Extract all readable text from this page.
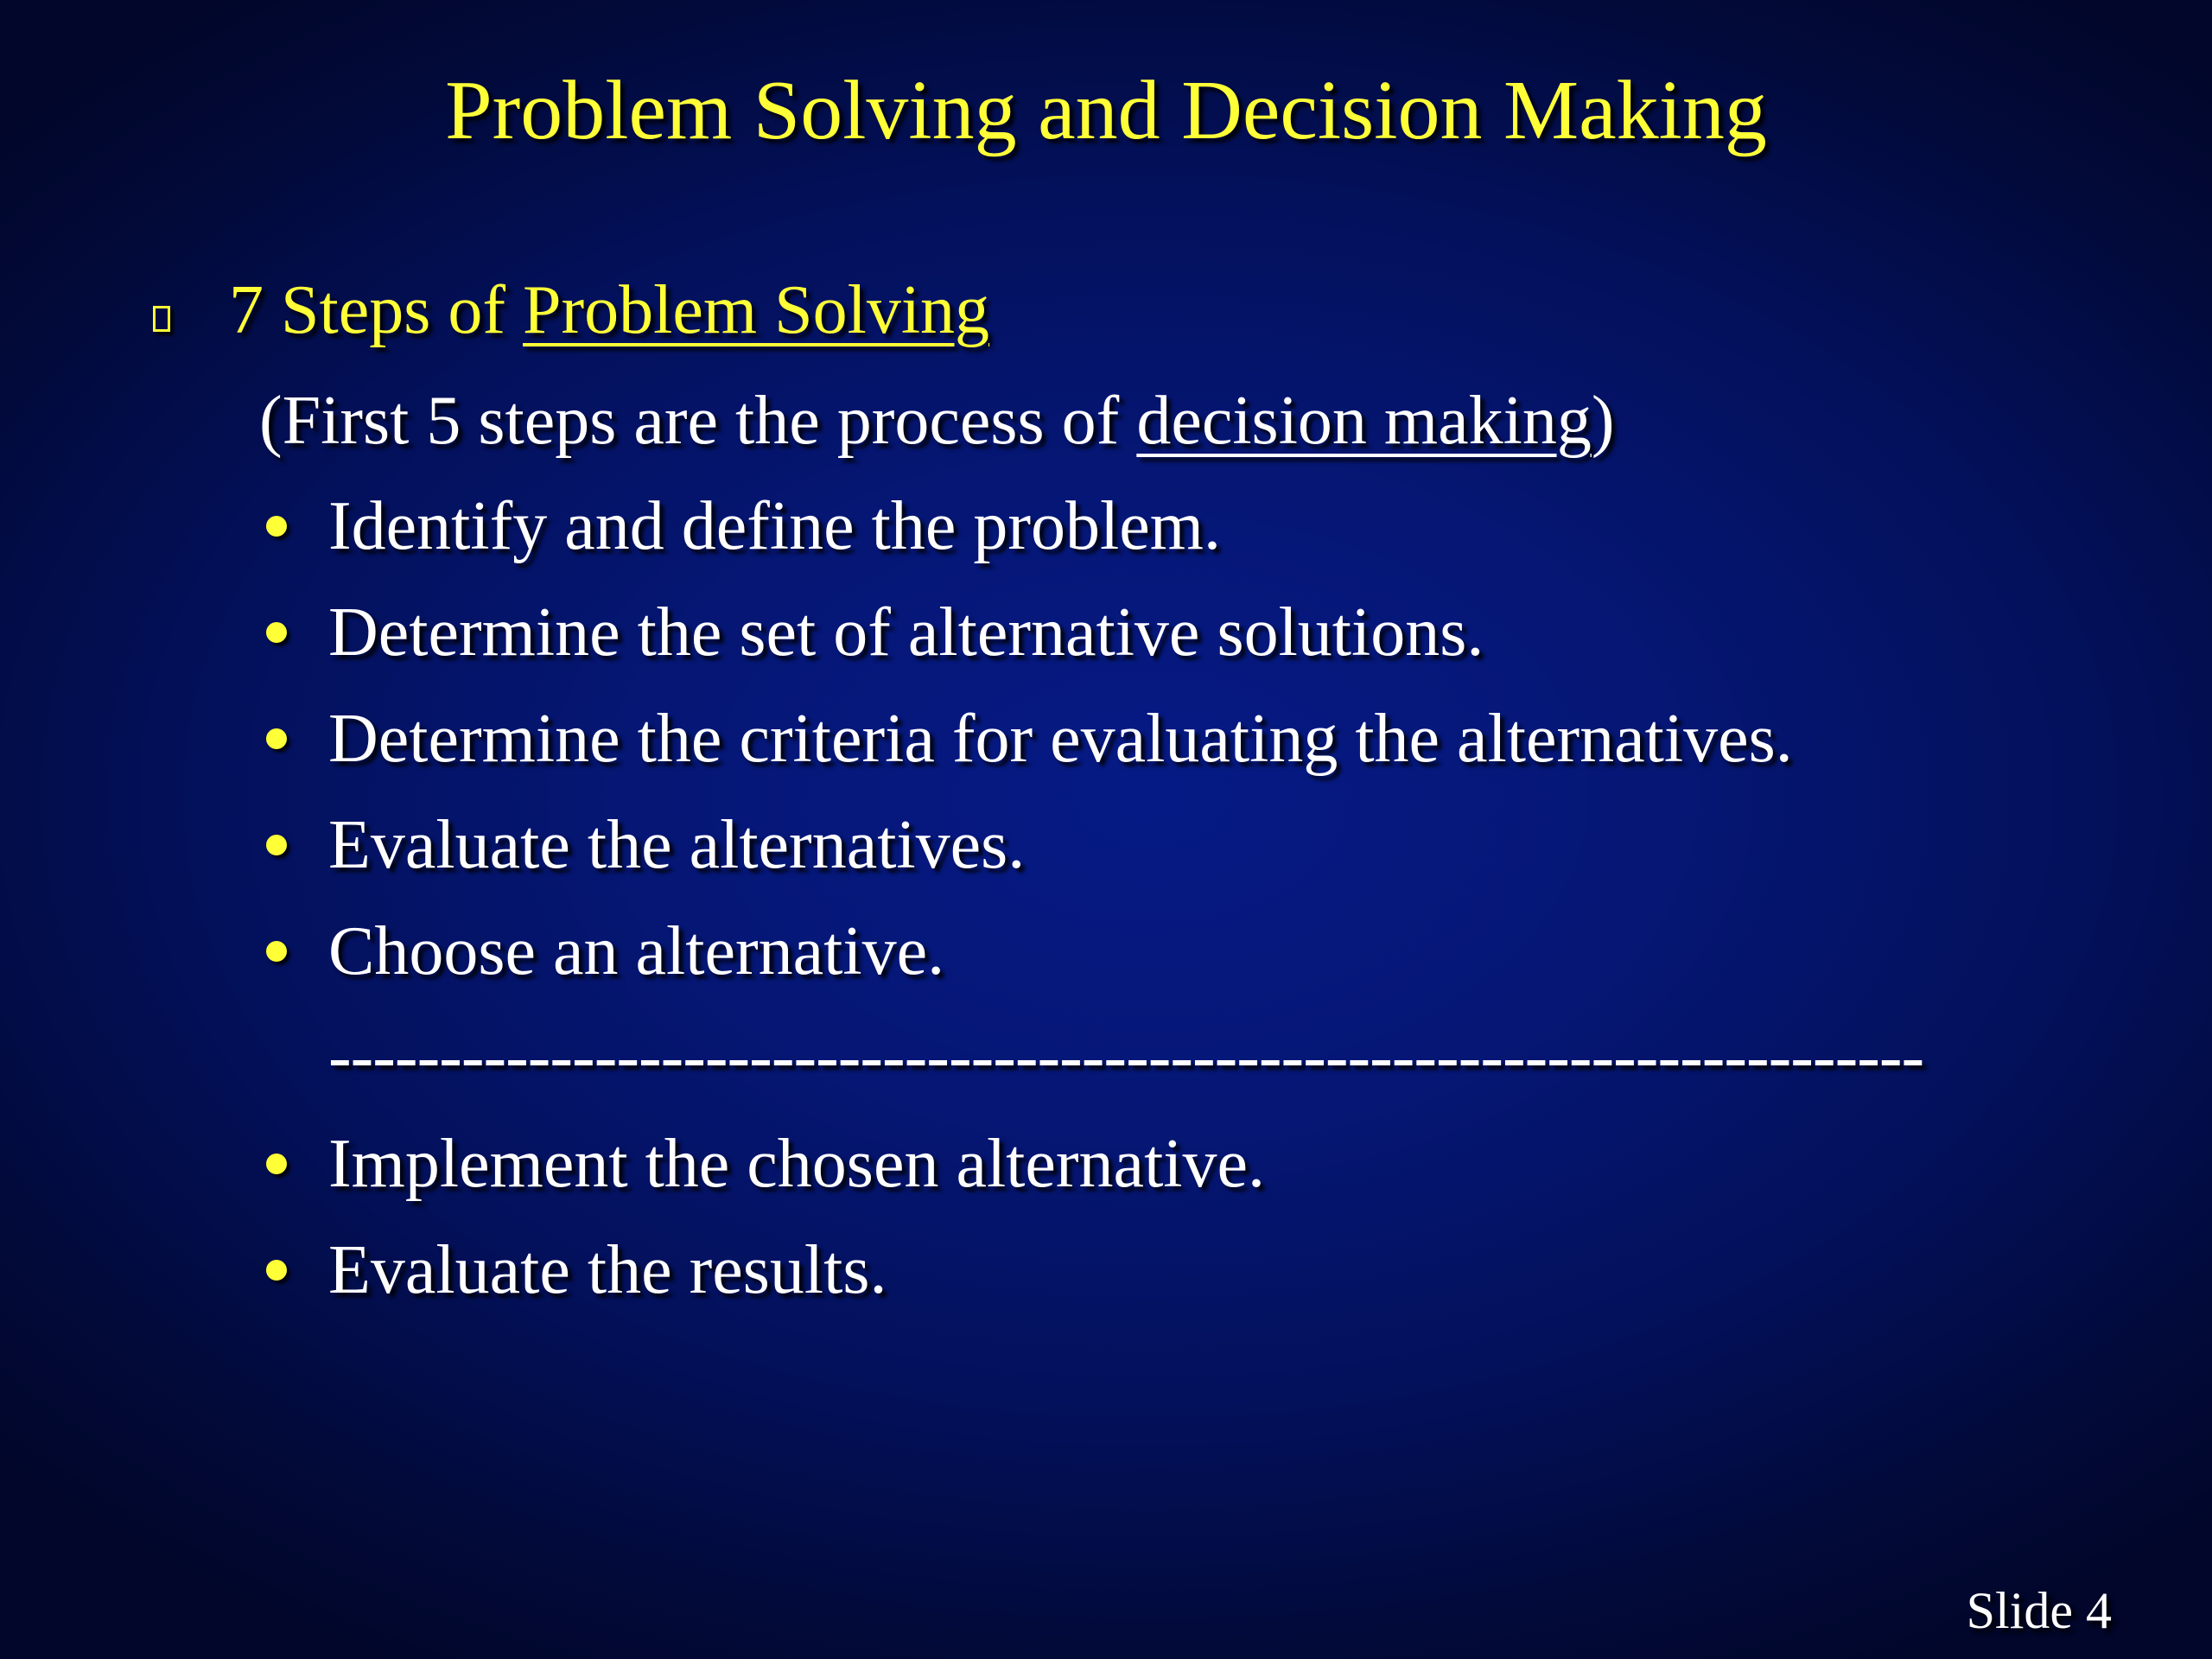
Problem Solving and Decision Making
7 Steps of Problem Solving
(First 5 steps are the process of decision making)
Identify and define the problem.
Determine the set of alternative solutions.
Determine the criteria for evaluating the alternatives.
Evaluate the alternatives.
Choose an alternative.
------------------------------------------------------------------------
Implement the chosen alternative.
Evaluate the results.
Slide 4
